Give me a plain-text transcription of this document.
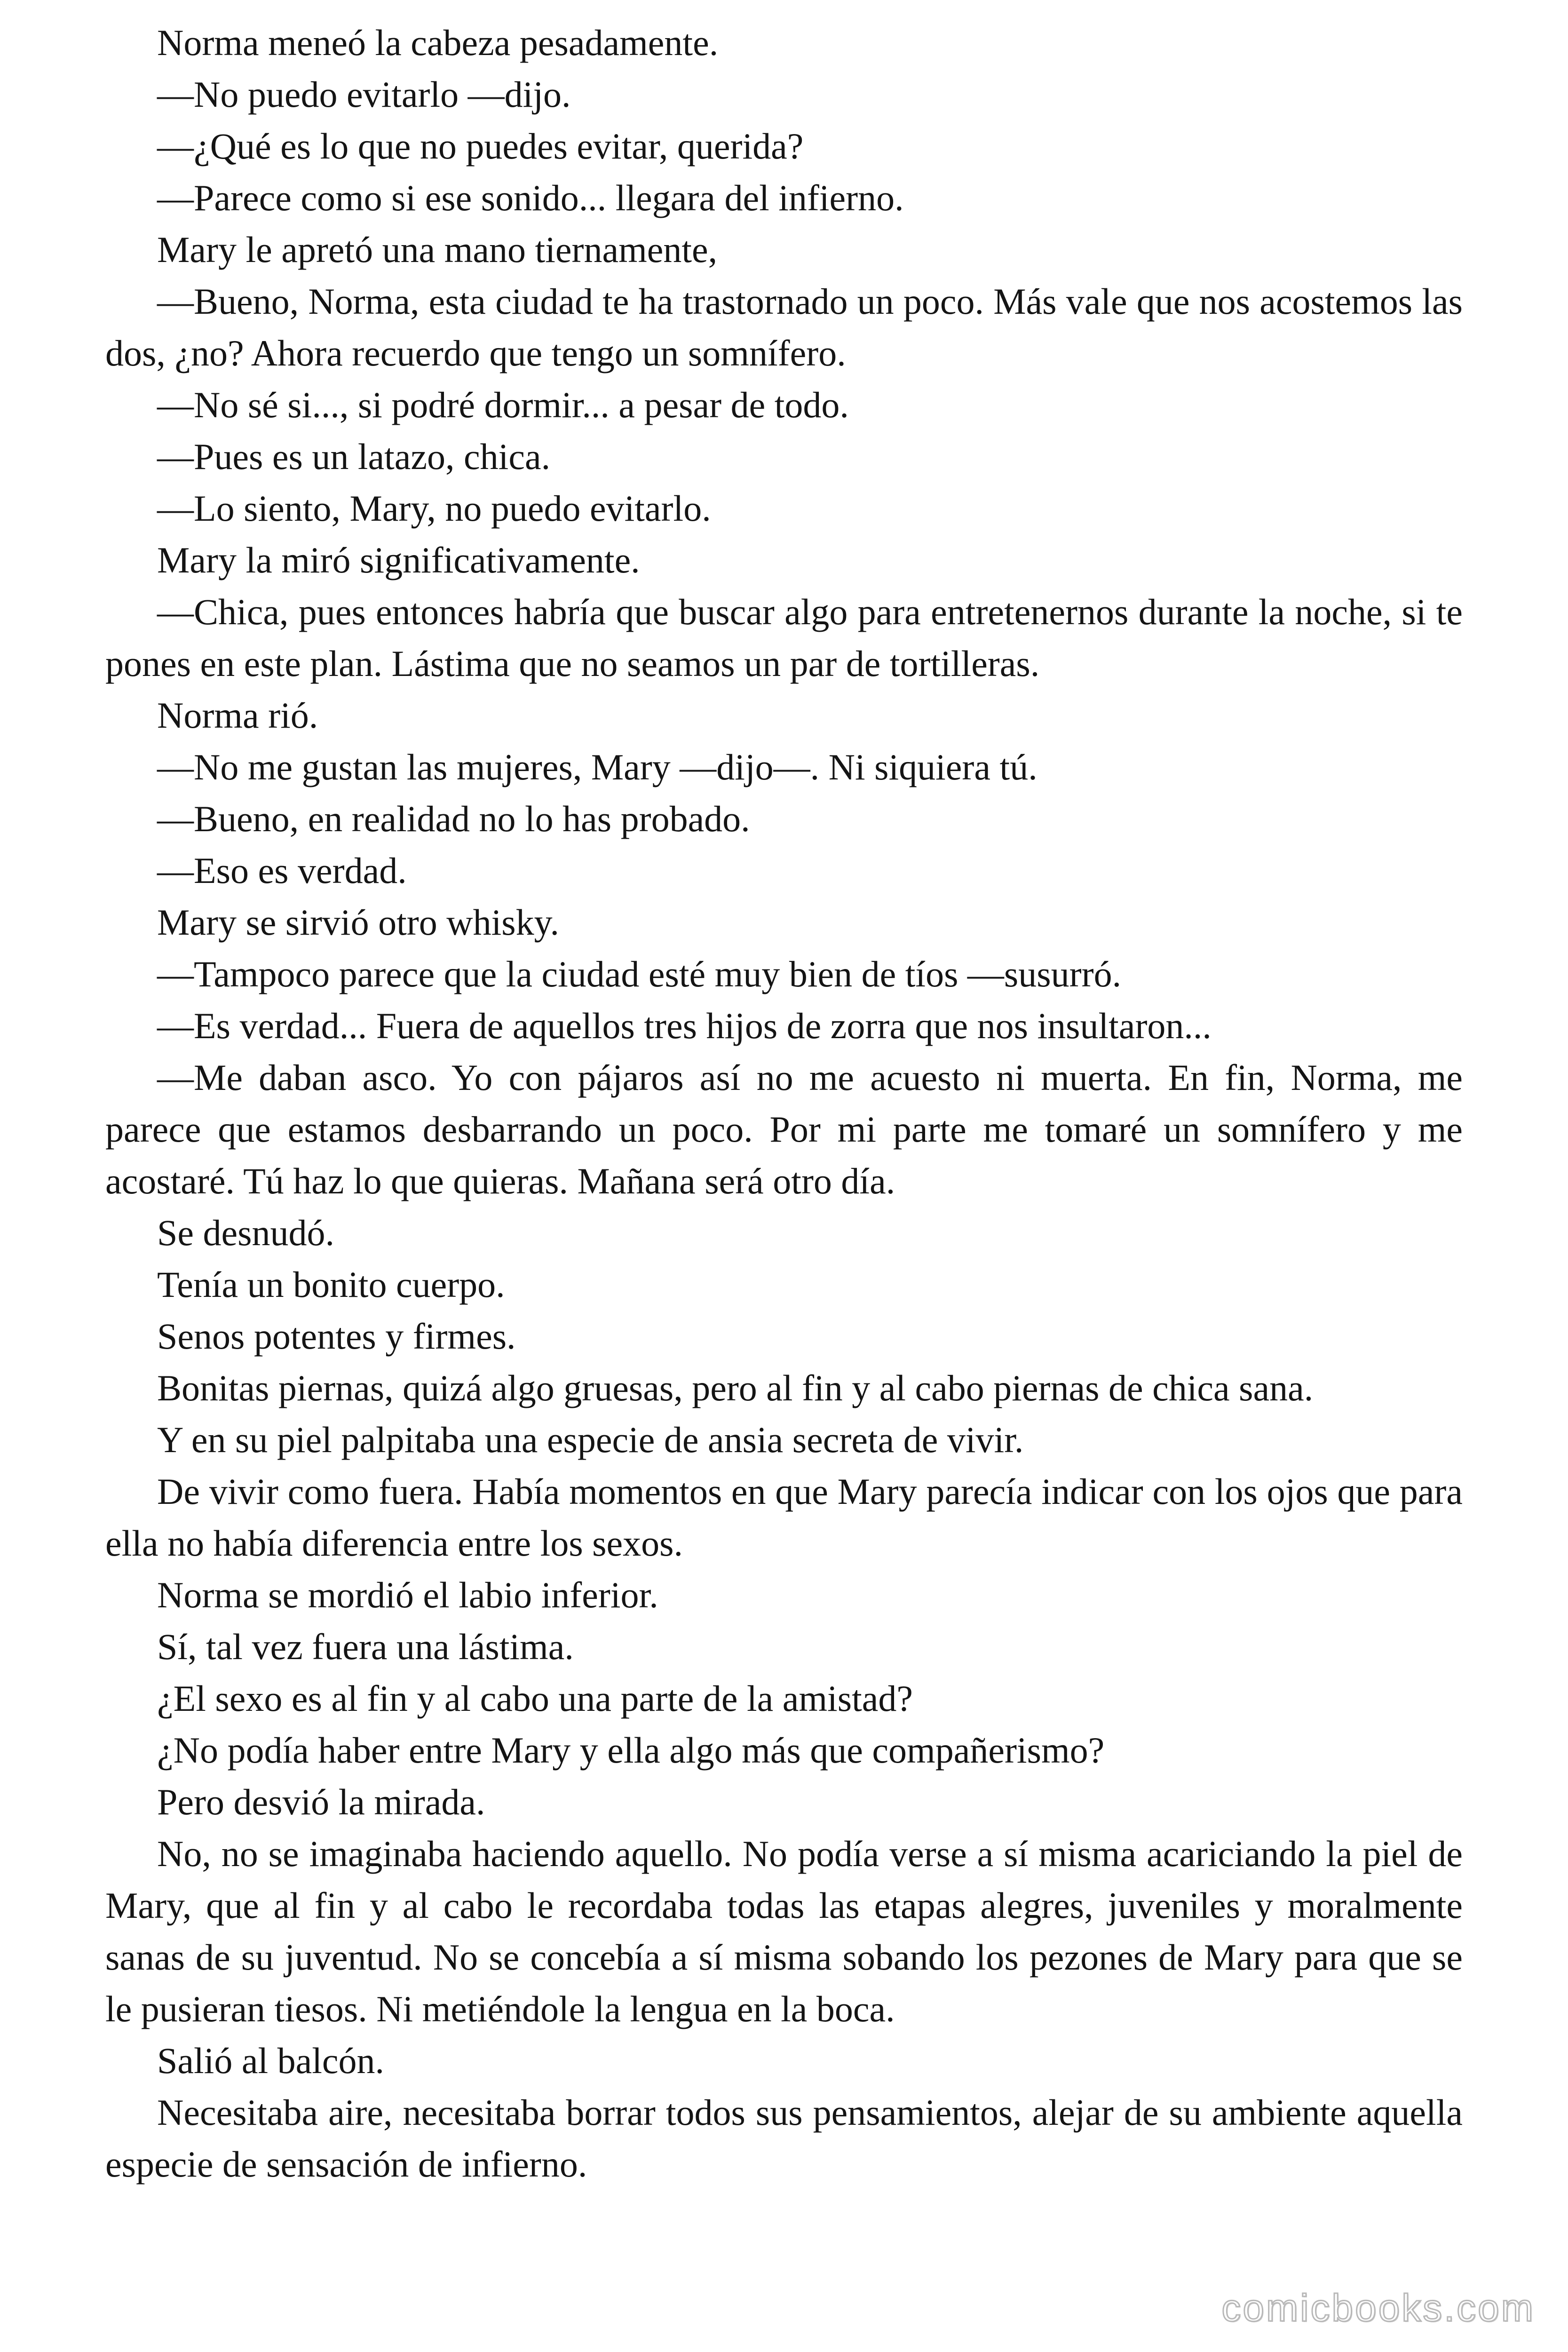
Norma meneó la cabeza pesadamente.

—No puedo evitarlo —dijo.

—¿Qué es lo que no puedes evitar, querida?

—Parece como si ese sonido... llegara del infierno.

Mary le apretó una mano tiernamente,

—Bueno, Norma, esta ciudad te ha trastornado un poco. Más vale que nos acostemos las dos, ¿no? Ahora recuerdo que tengo un somnífero.

—No sé si..., si podré dormir... a pesar de todo.

—Pues es un latazo, chica.

—Lo siento, Mary, no puedo evitarlo.

Mary la miró significativamente.

—Chica, pues entonces habría que buscar algo para entretenernos durante la noche, si te pones en este plan. Lástima que no seamos un par de tortilleras.

Norma rió.

—No me gustan las mujeres, Mary —dijo—. Ni siquiera tú.

—Bueno, en realidad no lo has probado.

—Eso es verdad.

Mary se sirvió otro whisky.

—Tampoco parece que la ciudad esté muy bien de tíos —susurró.

—Es verdad... Fuera de aquellos tres hijos de zorra que nos insultaron...

—Me daban asco. Yo con pájaros así no me acuesto ni muerta. En fin, Norma, me parece que estamos desbarrando un poco. Por mi parte me tomaré un somnífero y me acostaré. Tú haz lo que quieras. Mañana será otro día.

Se desnudó.

Tenía un bonito cuerpo.

Senos potentes y firmes.

Bonitas piernas, quizá algo gruesas, pero al fin y al cabo piernas de chica sana.

Y en su piel palpitaba una especie de ansia secreta de vivir.

De vivir como fuera. Había momentos en que Mary parecía indicar con los ojos que para ella no había diferencia entre los sexos.

Norma se mordió el labio inferior.

Sí, tal vez fuera una lástima.

¿El sexo es al fin y al cabo una parte de la amistad?

¿No podía haber entre Mary y ella algo más que compañerismo?

Pero desvió la mirada.

No, no se imaginaba haciendo aquello. No podía verse a sí misma acariciando la piel de Mary, que al fin y al cabo le recordaba todas las etapas alegres, juveniles y moralmente sanas de su juventud. No se concebía a sí misma sobando los pezones de Mary para que se le pusieran tiesos. Ni metiéndole la lengua en la boca.

Salió al balcón.

Necesitaba aire, necesitaba borrar todos sus pensamientos, alejar de su ambiente aquella especie de sensación de infierno.

comicbooks.com
